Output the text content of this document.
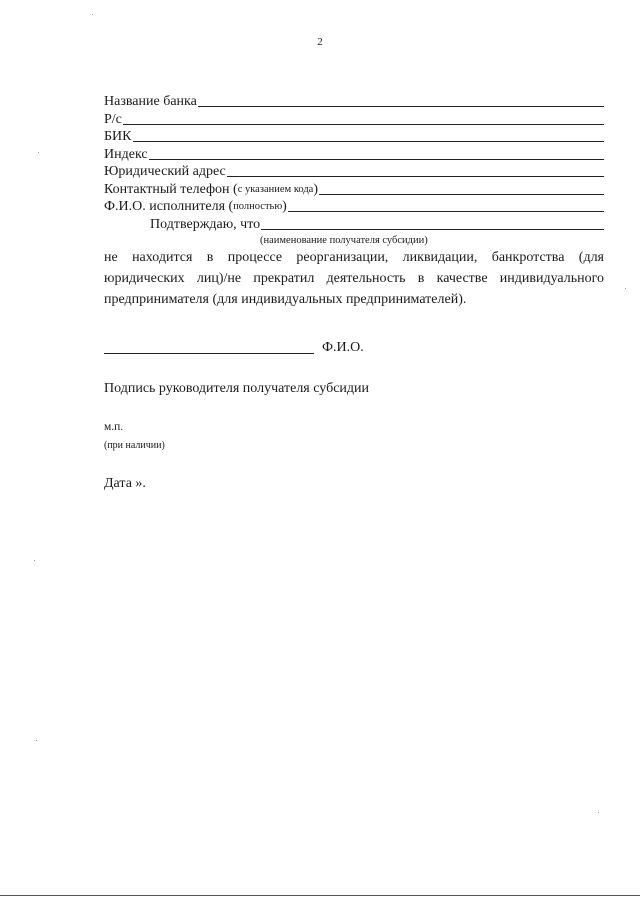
2
Название банка
Р/с
БИК
Индекс
Юридический адрес
Контактный телефон ( с указанием кода )
Ф.И.О. исполнителя ( полностью )
Подтверждаю, что
(наименование получателя субсидии)
не находится в процессе реорганизации, ликвидации, банкротства (для юридических лиц)/не прекратил деятельность в качестве индивидуального предпринимателя (для индивидуальных предпринимателей).
Ф.И.О.
Подпись руководителя получателя субсидии
м.п.
(при наличии)
Дата ».
